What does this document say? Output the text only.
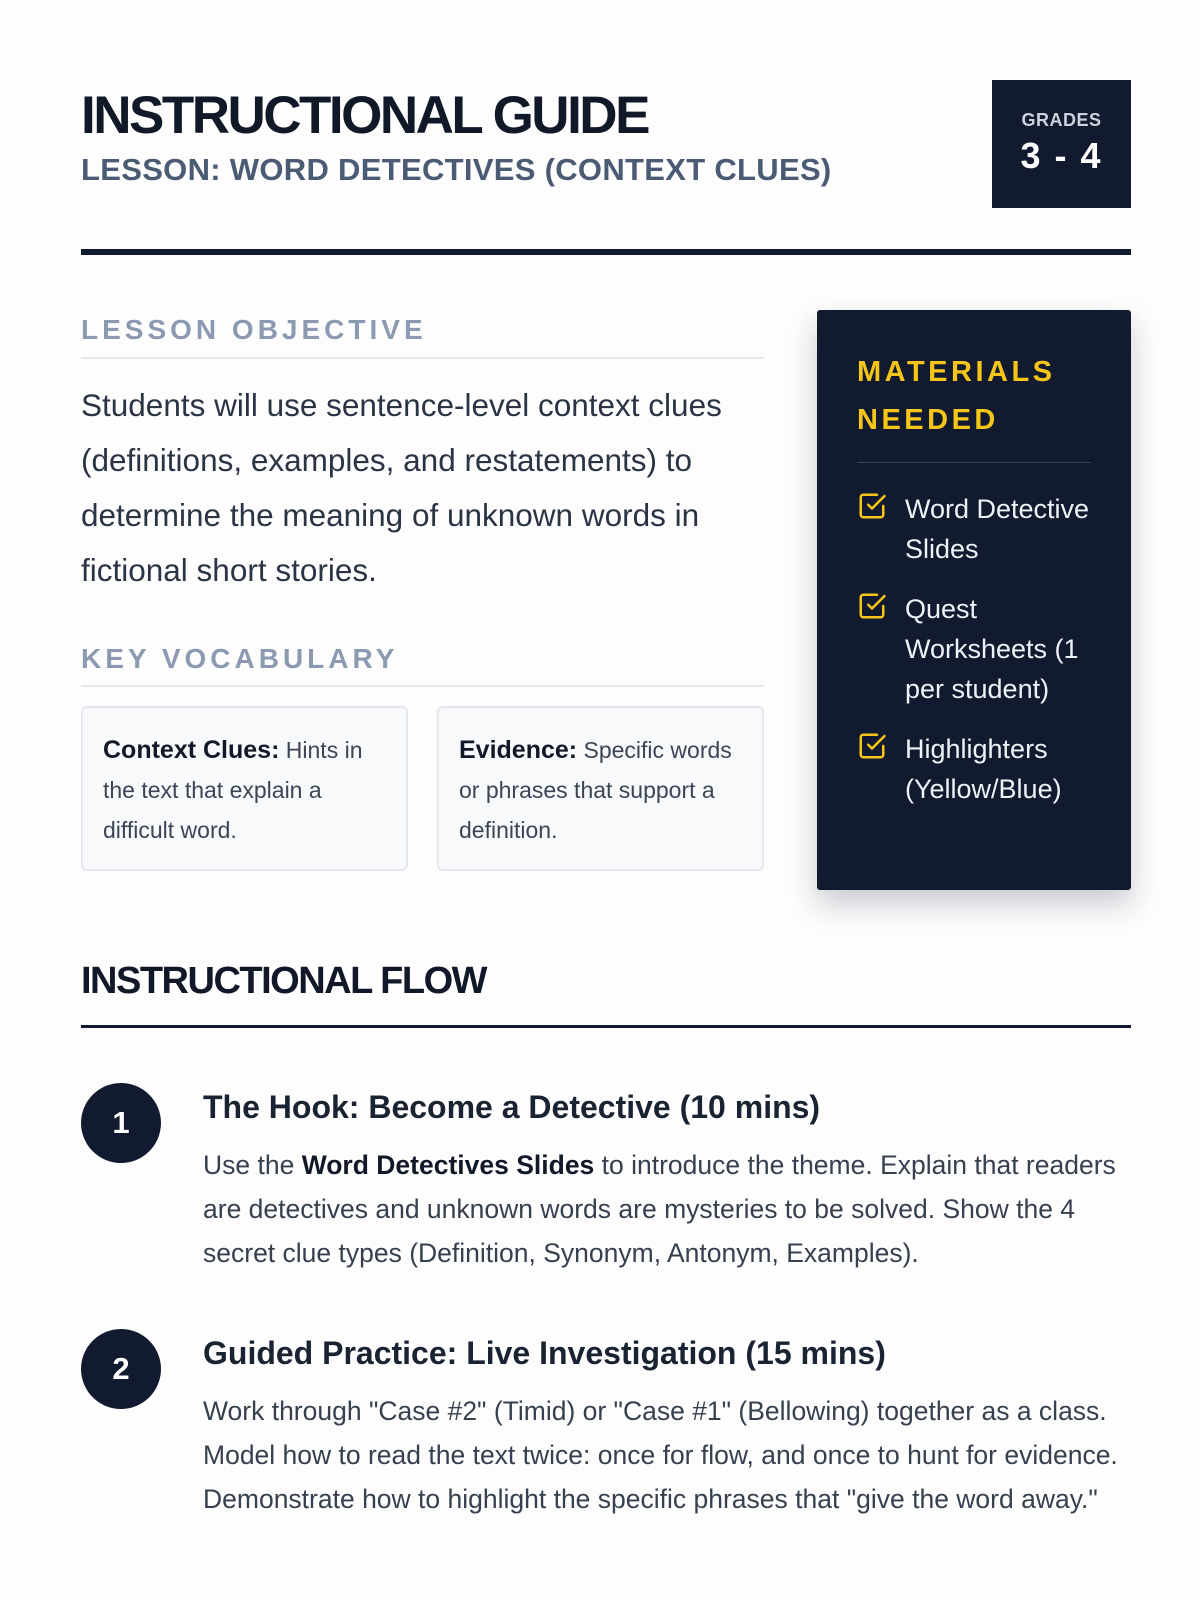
INSTRUCTIONAL GUIDE
LESSON: WORD DETECTIVES (CONTEXT CLUES)
GRADES
3 - 4
LESSON OBJECTIVE
Students will use sentence-level context clues (definitions, examples, and restatements) to determine the meaning of unknown words in fictional short stories.
KEY VOCABULARY
Context Clues: Hints in the text that explain a difficult word.
Evidence: Specific words or phrases that support a definition.
MATERIALS NEEDED
Word Detective Slides
Quest Worksheets (1 per student)
Highlighters (Yellow/Blue)
INSTRUCTIONAL FLOW
1	The Hook: Become a Detective (10 mins)
Use the Word Detectives Slides to introduce the theme. Explain that readers are detectives and unknown words are mysteries to be solved. Show the 4 secret clue types (Definition, Synonym, Antonym, Examples).
2	Guided Practice: Live Investigation (15 mins)
Work through "Case #2" (Timid) or "Case #1" (Bellowing) together as a class. Model how to read the text twice: once for flow, and once to hunt for evidence. Demonstrate how to highlight the specific phrases that "give the word away."
